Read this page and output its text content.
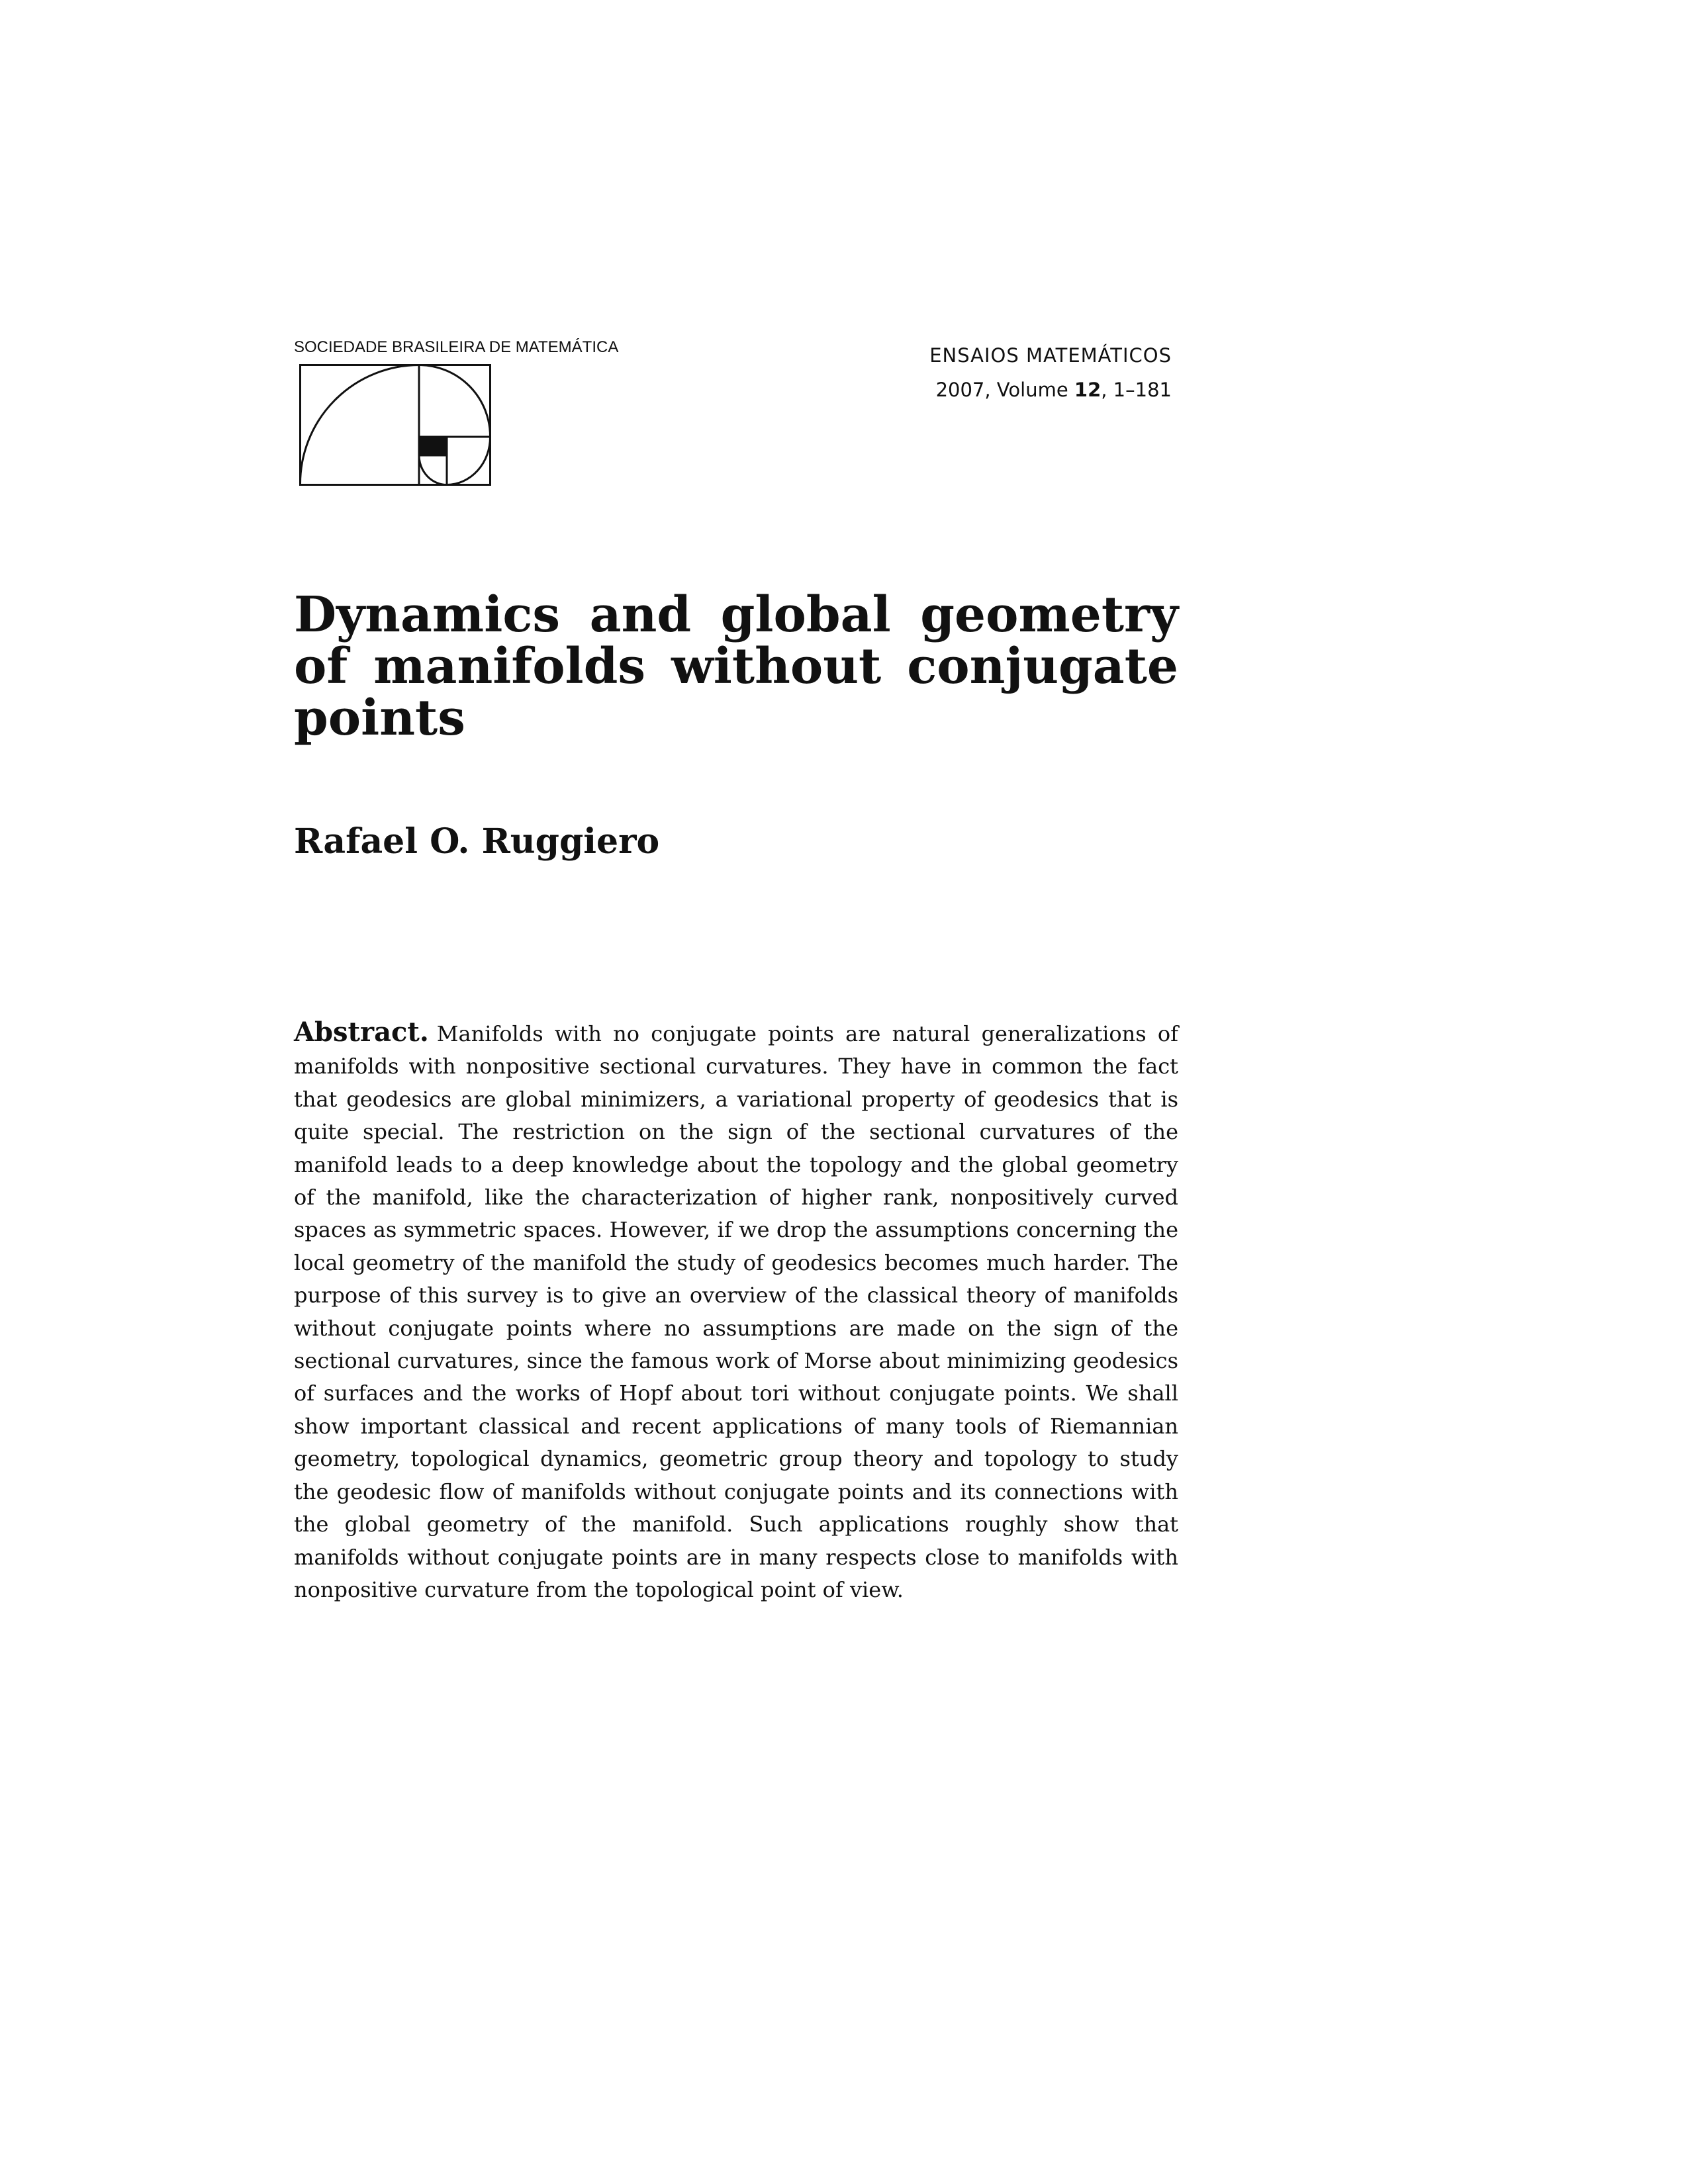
SOCIEDADE BRASILEIRA DE MATEMÁTICA	ENSAIOS MATEMÁTICOS
2007, Volume 12, 1–181
Dynamics and global geometry of manifolds without conjugate points
Rafael O. Ruggiero

Abstract. Manifolds with no conjugate points are natural generalizations of manifolds with nonpositive sectional curvatures. They have in common the fact that geodesics are global minimizers, a variational property of geodesics that is quite special. The restriction on the sign of the sectional curvatures of the manifold leads to a deep knowledge about the topology and the global geometry of the manifold, like the characterization of higher rank, nonpositively curved spaces as symmetric spaces. However, if we drop the assumptions concerning the local geometry of the manifold the study of geodesics becomes much harder. The purpose of this survey is to give an overview of the classical theory of manifolds without conjugate points where no assumptions are made on the sign of the sectional curvatures, since the famous work of Morse about minimizing geodesics of surfaces and the works of Hopf about tori without conjugate points. We shall show important classical and recent applications of many tools of Riemannian geometry, topological dynamics, geometric group theory and topology to study the geodesic flow of manifolds without conjugate points and its connections with the global geometry of the manifold. Such applications roughly show that manifolds without conjugate points are in many respects close to manifolds with nonpositive curvature from the topological point of view.
